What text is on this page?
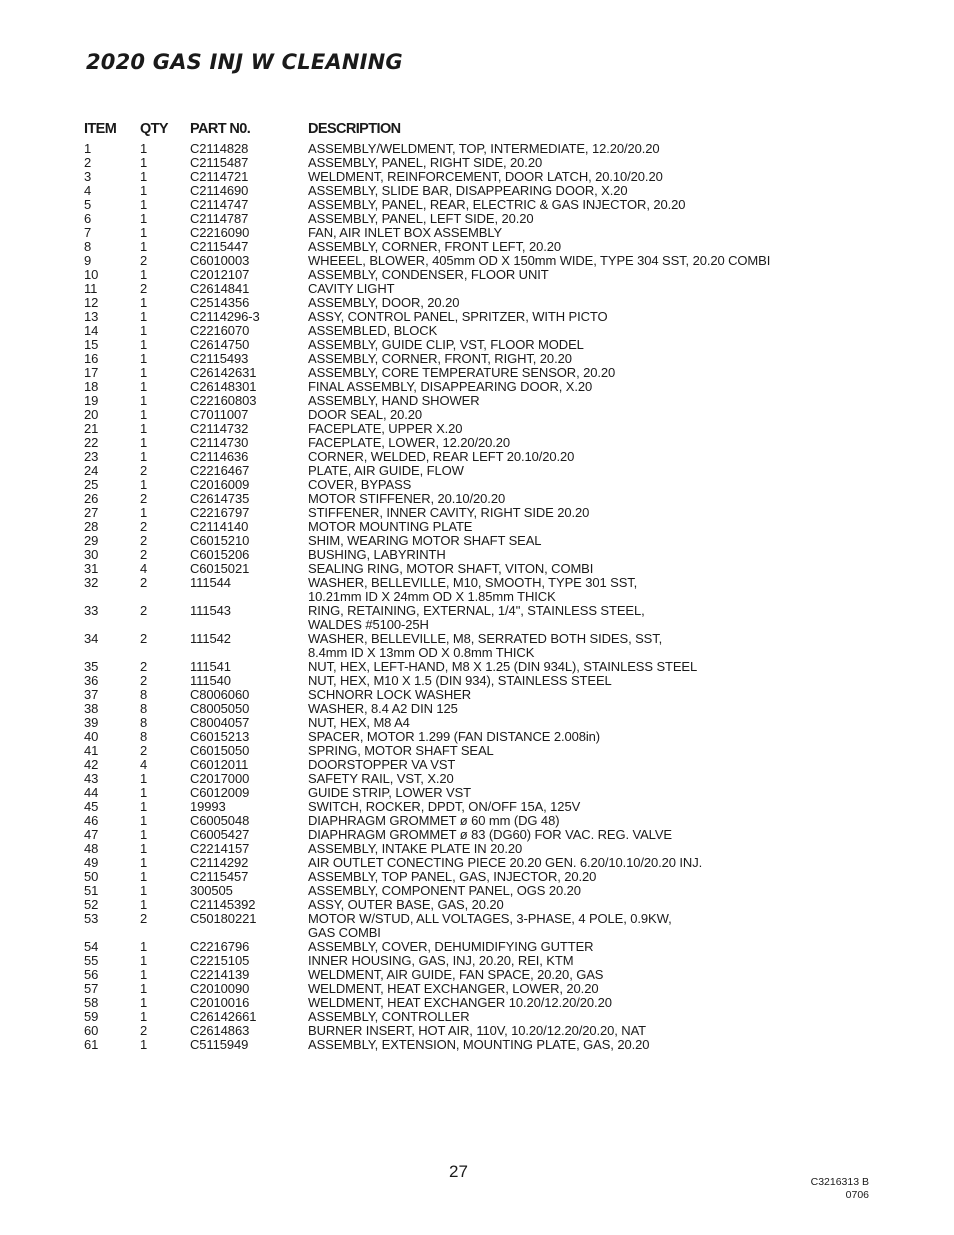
2020 GAS INJ W CLEANING
ITEM QTY PART N0.	DESCRIPTION
1	1	C2114828	ASSEMBLY/WELDMENT, TOP, INTERMEDIATE, 12.20/20.20
2	1	C2115487	ASSEMBLY, PANEL, RIGHT SIDE, 20.20
3	1	C2114721	WELDMENT, REINFORCEMENT, DOOR LATCH, 20.10/20.20
4	1	C2114690	ASSEMBLY, SLIDE BAR, DISAPPEARING DOOR, X.20
5	1	C2114747	ASSEMBLY, PANEL, REAR, ELECTRIC & GAS INJECTOR, 20.20
6	1	C2114787	ASSEMBLY, PANEL, LEFT SIDE, 20.20
7	1	C2216090	FAN, AIR INLET BOX ASSEMBLY
8	1	C2115447	ASSEMBLY, CORNER, FRONT LEFT, 20.20
9	2	C6010003	WHEEEL, BLOWER, 405mm OD X 150mm WIDE, TYPE 304 SST, 20.20 COMBI
10	1	C2012107	ASSEMBLY, CONDENSER, FLOOR UNIT
11	2	C2614841	CAVITY LIGHT
12	1	C2514356	ASSEMBLY, DOOR, 20.20
13	1	C2114296-3	ASSY, CONTROL PANEL, SPRITZER, WITH PICTO
14	1	C2216070	ASSEMBLED, BLOCK
15	1	C2614750	ASSEMBLY, GUIDE CLIP, VST, FLOOR MODEL
16	1	C2115493	ASSEMBLY, CORNER, FRONT, RIGHT, 20.20
17	1	C26142631	ASSEMBLY, CORE TEMPERATURE SENSOR, 20.20
18	1	C26148301	FINAL ASSEMBLY, DISAPPEARING DOOR, X.20
19	1	C22160803	ASSEMBLY, HAND SHOWER
20	1	C7011007	DOOR SEAL, 20.20
21	1	C2114732	FACEPLATE, UPPER X.20
22	1	C2114730	FACEPLATE, LOWER, 12.20/20.20
23	1	C2114636	CORNER, WELDED, REAR LEFT 20.10/20.20
24	2	C2216467	PLATE, AIR GUIDE, FLOW
25	1	C2016009	COVER, BYPASS
26	2	C2614735	MOTOR STIFFENER, 20.10/20.20
27	1	C2216797	STIFFENER, INNER CAVITY, RIGHT SIDE 20.20
28	2	C2114140	MOTOR MOUNTING PLATE
29	2	C6015210	SHIM, WEARING MOTOR SHAFT SEAL
30	2	C6015206	BUSHING, LABYRINTH
31	4	C6015021	SEALING RING, MOTOR SHAFT, VITON, COMBI
32	2	111544	WASHER, BELLEVILLE, M10, SMOOTH, TYPE 301 SST,
10.21mm ID X 24mm OD X 1.85mm THICK
33	2	111543	RING, RETAINING, EXTERNAL, 1/4", STAINLESS STEEL,
WALDES #5100-25H
34	2	111542	WASHER, BELLEVILLE, M8, SERRATED BOTH SIDES, SST,
8.4mm ID X 13mm OD X 0.8mm THICK
35	2	111541	NUT, HEX, LEFT-HAND, M8 X 1.25 (DIN 934L), STAINLESS STEEL
36	2	111540	NUT, HEX, M10 X 1.5 (DIN 934), STAINLESS STEEL
37	8	C8006060	SCHNORR LOCK WASHER
38	8	C8005050	WASHER, 8.4 A2 DIN 125
39	8	C8004057	NUT, HEX, M8 A4
40	8	C6015213	SPACER, MOTOR 1.299 (FAN DISTANCE 2.008in)
41	2	C6015050	SPRING, MOTOR SHAFT SEAL
42	4	C6012011	DOORSTOPPER VA VST
43	1	C2017000	SAFETY RAIL, VST, X.20
44	1	C6012009	GUIDE STRIP, LOWER VST
45	1	19993	SWITCH, ROCKER, DPDT, ON/OFF 15A, 125V
46	1	C6005048	DIAPHRAGM GROMMET ø 60 mm (DG 48)
47	1	C6005427	DIAPHRAGM GROMMET ø 83 (DG60) FOR VAC. REG. VALVE
48	1	C2214157	ASSEMBLY, INTAKE PLATE IN 20.20
49	1	C2114292	AIR OUTLET CONECTING PIECE 20.20 GEN. 6.20/10.10/20.20 INJ.
50	1	C2115457	ASSEMBLY, TOP PANEL, GAS, INJECTOR, 20.20
51	1	300505	ASSEMBLY, COMPONENT PANEL, OGS 20.20
52	1	C21145392	ASSY, OUTER BASE, GAS, 20.20
53	2	C50180221	MOTOR W/STUD, ALL VOLTAGES, 3-PHASE, 4 POLE, 0.9KW,
GAS COMBI
54	1	C2216796	ASSEMBLY, COVER, DEHUMIDIFYING GUTTER
55	1	C2215105	INNER HOUSING, GAS, INJ, 20.20, REI, KTM
56	1	C2214139	WELDMENT, AIR GUIDE, FAN SPACE, 20.20, GAS
57	1	C2010090	WELDMENT, HEAT EXCHANGER, LOWER, 20.20
58	1	C2010016	WELDMENT, HEAT EXCHANGER 10.20/12.20/20.20
59	1	C26142661	ASSEMBLY, CONTROLLER
60	2	C2614863	BURNER INSERT, HOT AIR, 110V, 10.20/12.20/20.20, NAT
61	1	C5115949	ASSEMBLY, EXTENSION, MOUNTING PLATE, GAS, 20.20
27
C3216313 B
0706
